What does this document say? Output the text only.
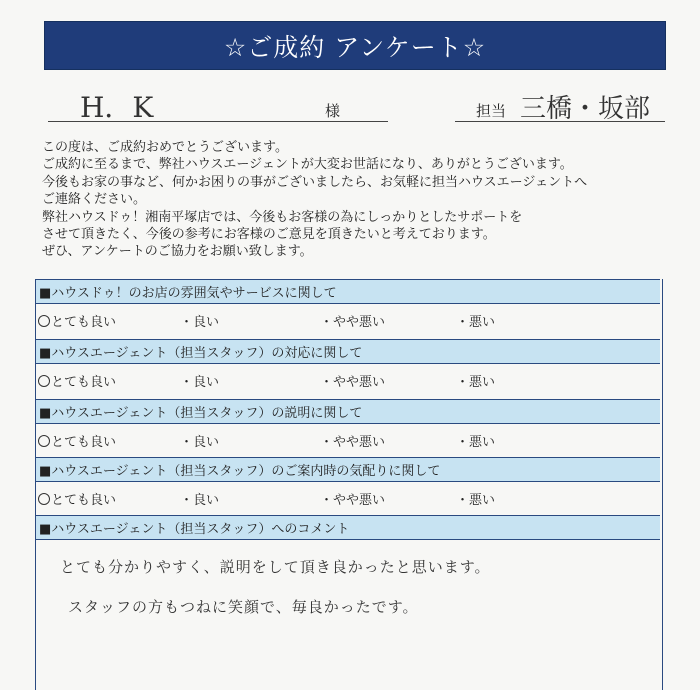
☆ご成約 アンケート☆
H．K	様	担当 三橋・坂部
この度は、ご成約おめでとうございます。
ご成約に至るまで、弊社ハウスエージェントが大変お世話になり、ありがとうございます。
今後もお家の事など、何かお困りの事がございましたら、お気軽に担当ハウスエージェントへ
ご連絡ください。
弊社ハウスドゥ！湘南平塚店では、今後もお客様の為にしっかりとしたサポートを
させて頂きたく、今後の参考にお客様のご意見を頂きたいと考えております。
ぜひ、アンケートのご協力をお願い致します。
■ハウスドゥ！のお店の雰囲気やサービスに関して
とても良い	・良い	・やや悪い	・悪い
■ハウスエージェント（担当スタッフ）の対応に関して
とても良い	・良い	・やや悪い	・悪い
■ハウスエージェント（担当スタッフ）の説明に関して
とても良い	・良い	・やや悪い	・悪い
■ハウスエージェント（担当スタッフ）のご案内時の気配りに関して
とても良い	・良い	・やや悪い	・悪い
■ハウスエージェント（担当スタッフ）へのコメント
とても分かりやすく、説明をして頂き良かったと思います。
スタッフの方もつねに笑顔で、毎良かったです。
